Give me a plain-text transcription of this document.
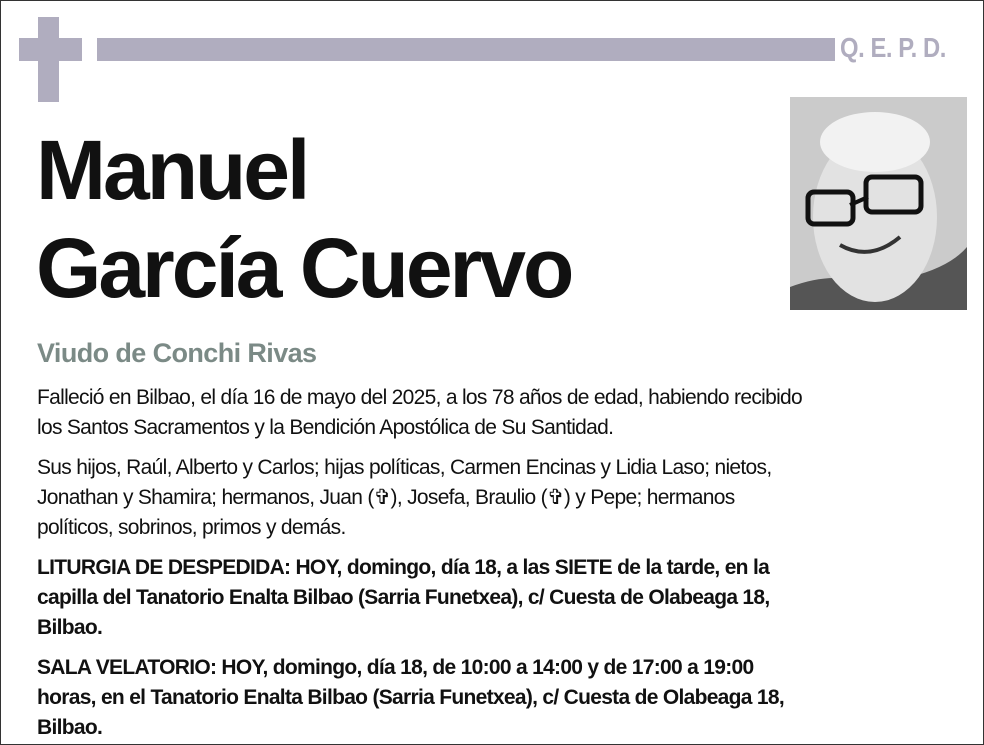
Q. E. P. D.
Manuel
García Cuervo
Viudo de Conchi Rivas
Falleció en Bilbao, el día 16 de mayo del 2025, a los 78 años de edad, habiendo recibido
los Santos Sacramentos y la Bendición Apostólica de Su Santidad.
Sus hijos, Raúl, Alberto y Carlos; hijas políticas, Carmen Encinas y Lidia Laso; nietos,
Jonathan y Shamira; hermanos, Juan (✞), Josefa, Braulio (✞) y Pepe; hermanos
políticos, sobrinos, primos y demás.
LITURGIA DE DESPEDIDA: HOY, domingo, día 18, a las SIETE de la tarde, en la
capilla del Tanatorio Enalta Bilbao (Sarria Funetxea), c/ Cuesta de Olabeaga 18,
Bilbao.
SALA VELATORIO: HOY, domingo, día 18, de 10:00 a 14:00 y de 17:00 a 19:00
horas, en el Tanatorio Enalta Bilbao (Sarria Funetxea), c/ Cuesta de Olabeaga 18,
Bilbao.
